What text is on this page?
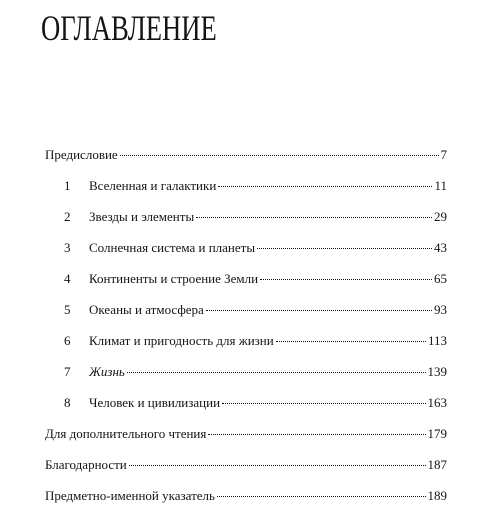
ОГЛАВЛЕНИЕ
Предисловие	7
1	Вселенная и галактики	11
2	Звезды и элементы	29
3	Солнечная система и планеты	43
4	Континенты и строение Земли	65
5	Океаны и атмосфера	93
6	Климат и пригодность для жизни	113
7	Жизнь	139
8	Человек и цивилизации	163
Для дополнительного чтения	179
Благодарности	187
Предметно-именной указатель	189
